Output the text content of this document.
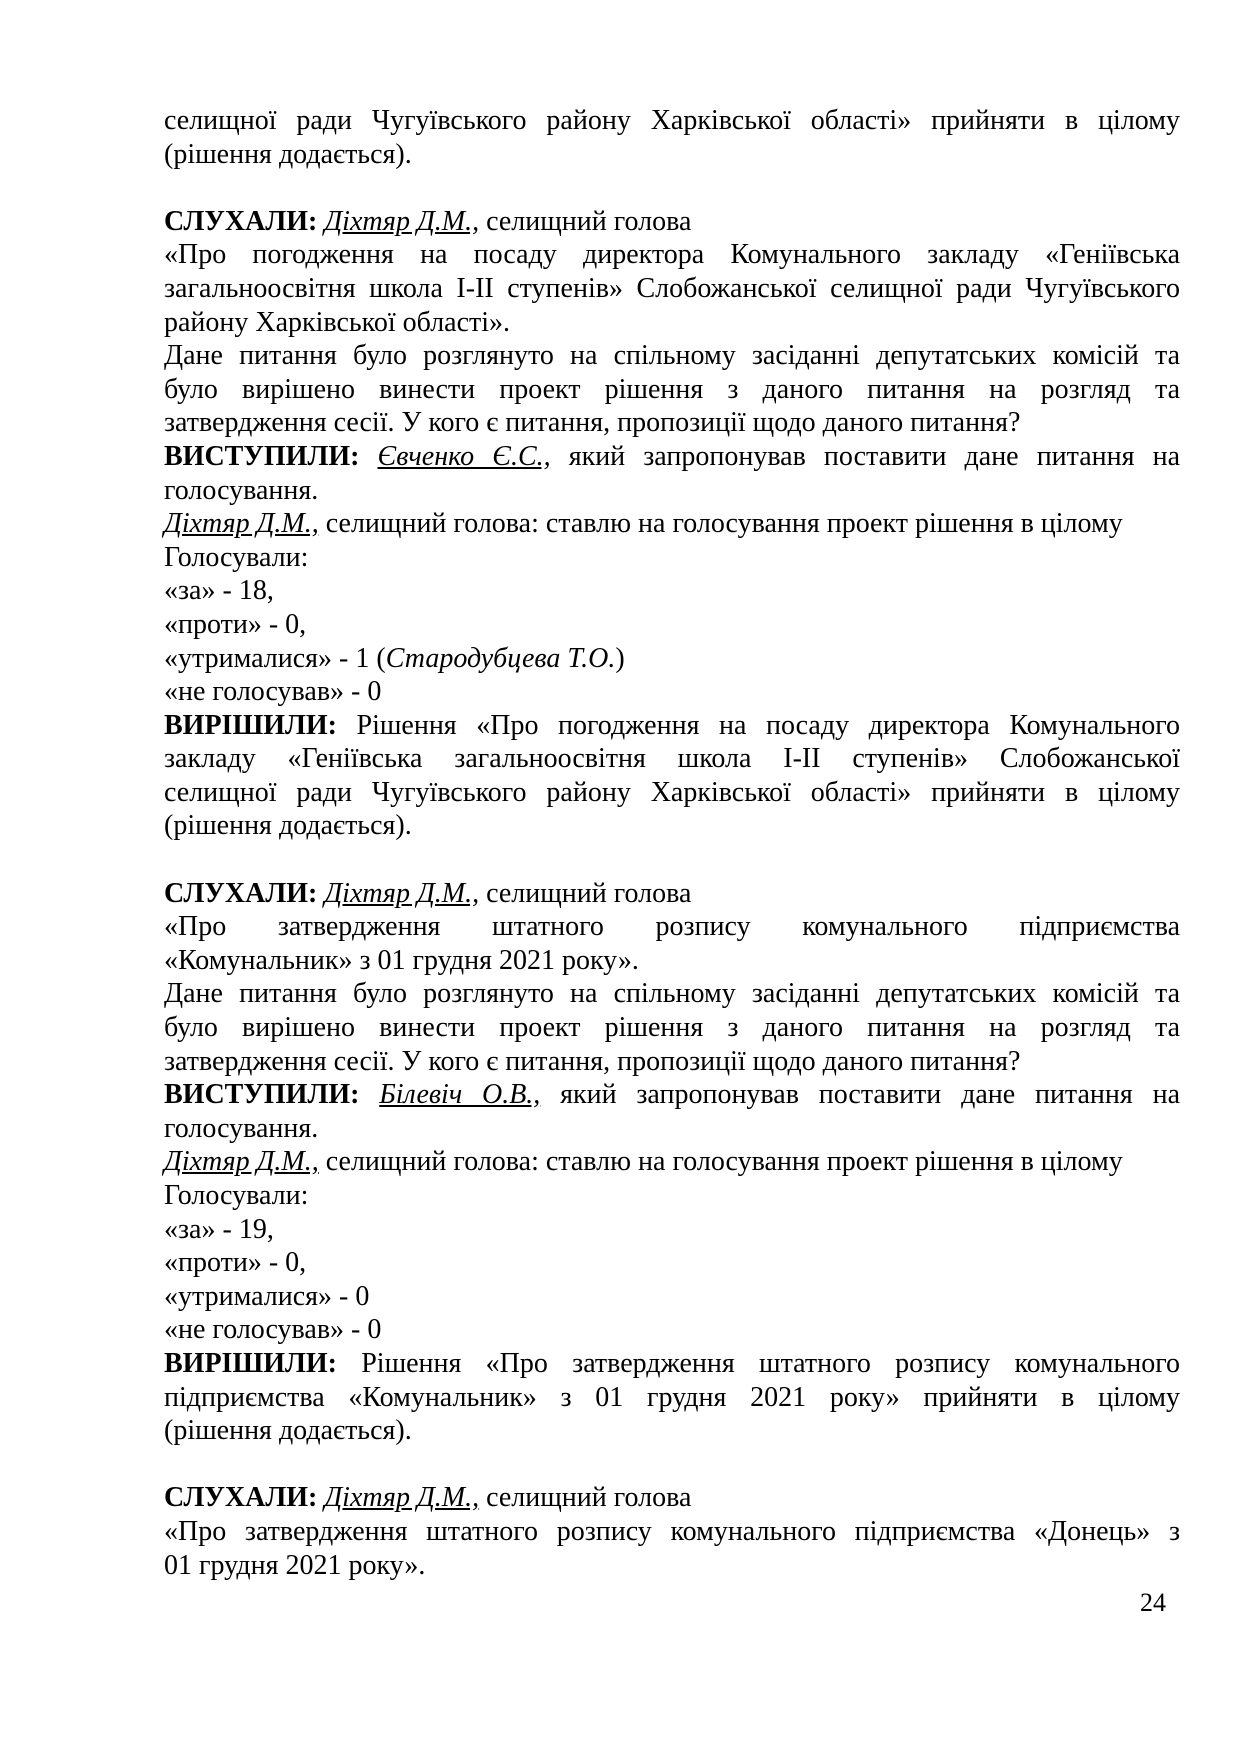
селищної ради Чугуївського району Харківської області» прийняти в цілому

(рішення додається).

СЛУХАЛИ: Діхтяр Д.М., селищний голова

«Про погодження на посаду директора Комунального закладу «Геніївська

загальноосвітня школа І-ІІ ступенів» Слобожанської селищної ради Чугуївського

району Харківської області».

Дане питання було розглянуто на спільному засіданні депутатських комісій та

було вирішено винести проект рішення з даного питання на розгляд та

затвердження сесії. У кого є питання, пропозиції щодо даного питання?

ВИСТУПИЛИ: Євченко Є.С., який запропонував поставити дане питання на

голосування.

Діхтяр Д.М., селищний голова: ставлю на голосування проект рішення в цілому

Голосували:

«за» - 18,

«проти» - 0,

«утрималися» - 1 (Стародубцева Т.О.)

«не голосував» - 0

ВИРІШИЛИ: Рішення «Про погодження на посаду директора Комунального

закладу «Геніївська загальноосвітня школа І-ІІ ступенів» Слобожанської

селищної ради Чугуївського району Харківської області» прийняти в цілому

(рішення додається).

СЛУХАЛИ: Діхтяр Д.М., селищний голова

«Про затвердження штатного розпису комунального підприємства

«Комунальник» з 01 грудня 2021 року».

Дане питання було розглянуто на спільному засіданні депутатських комісій та

було вирішено винести проект рішення з даного питання на розгляд та

затвердження сесії. У кого є питання, пропозиції щодо даного питання?

ВИСТУПИЛИ: Білевіч О.В., який запропонував поставити дане питання на

голосування.

Діхтяр Д.М., селищний голова: ставлю на голосування проект рішення в цілому

Голосували:

«за» - 19,

«проти» - 0,

«утрималися» - 0

«не голосував» - 0

ВИРІШИЛИ: Рішення «Про затвердження штатного розпису комунального

підприємства «Комунальник» з 01 грудня 2021 року» прийняти в цілому

(рішення додається).

СЛУХАЛИ: Діхтяр Д.М., селищний голова

«Про затвердження штатного розпису комунального підприємства «Донець» з

01 грудня 2021 року».

24
